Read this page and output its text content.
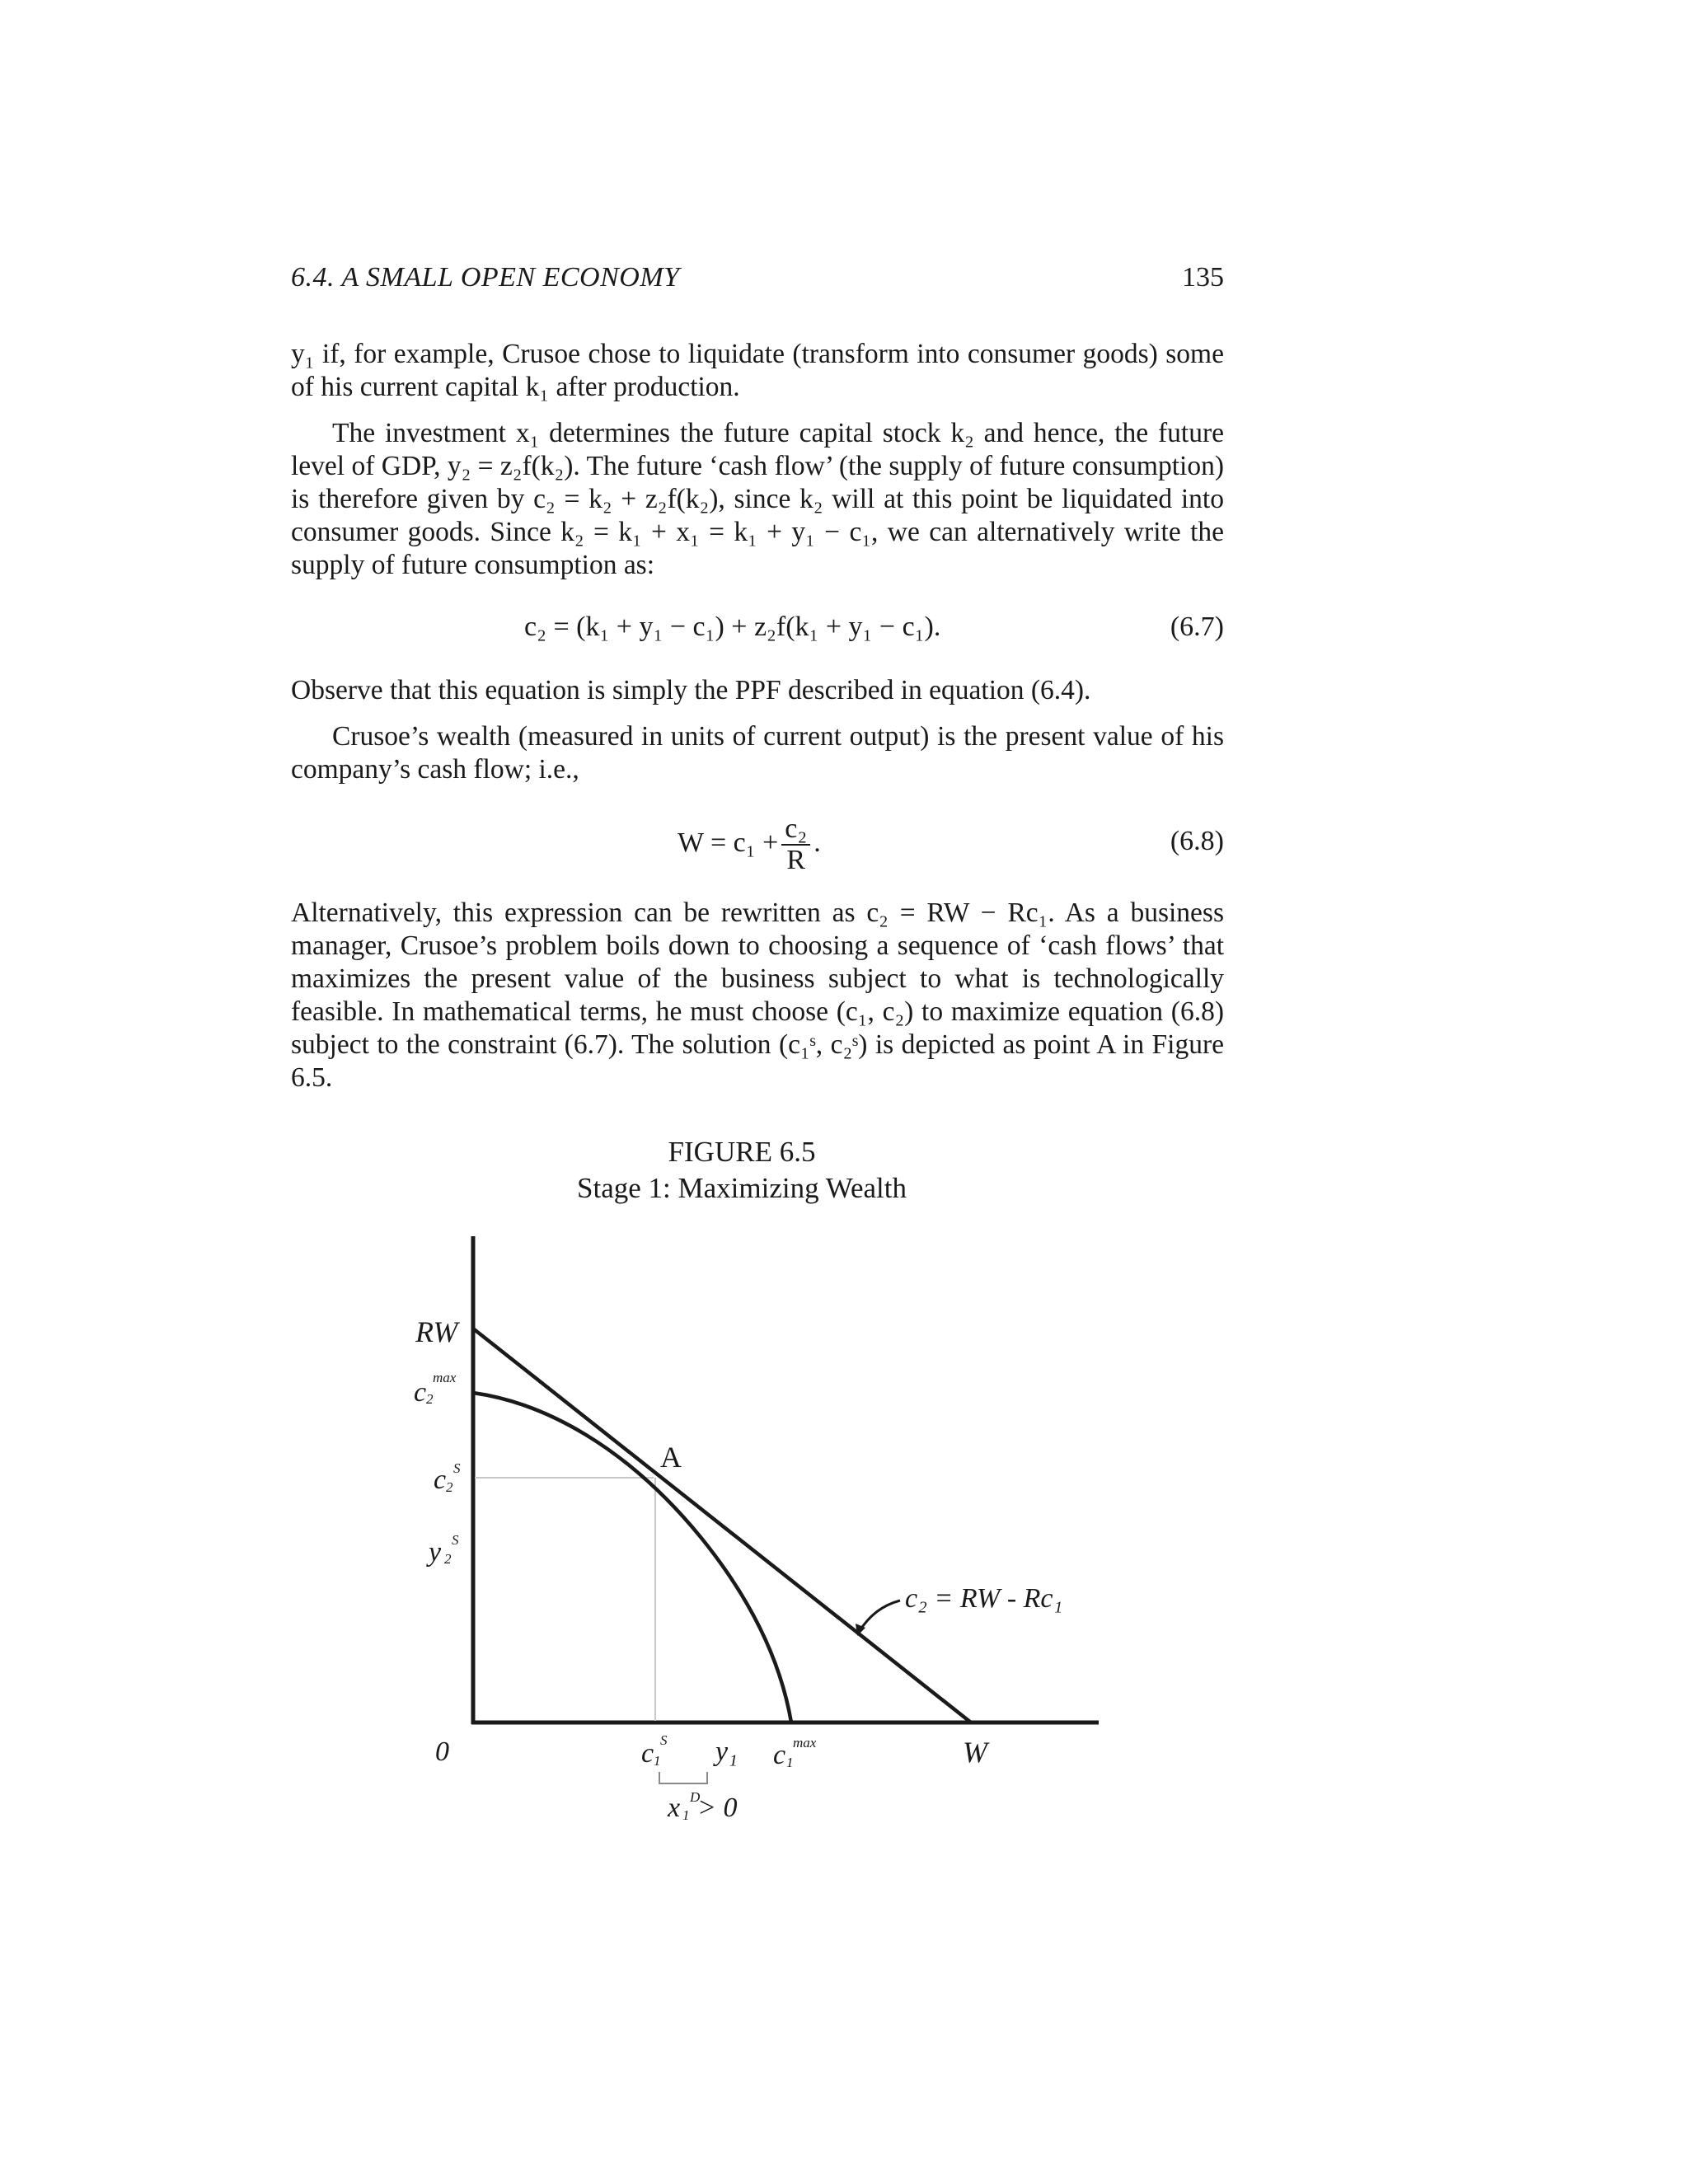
6.4. A SMALL OPEN ECONOMY	135
y₁ if, for example, Crusoe chose to liquidate (transform into consumer goods) some of his current capital k₁ after production.
The investment x₁ determines the future capital stock k₂ and hence, the future level of GDP, y₂ = z₂f(k₂). The future ‘cash flow’ (the supply of future consumption) is therefore given by c₂ = k₂ + z₂f(k₂), since k₂ will at this point be liquidated into consumer goods. Since k₂ = k₁ + x₁ = k₁ + y₁ − c₁, we can alternatively write the supply of future consumption as:
c₂ = (k₁ + y₁ − c₁) + z₂f(k₁ + y₁ − c₁).	(6.7)
Observe that this equation is simply the PPF described in equation (6.4).
Crusoe’s wealth (measured in units of current output) is the present value of his company’s cash flow; i.e.,
$W = c_1 + \frac{\text{c₂}}{R}$ .	(6.8)
Alternatively, this expression can be rewritten as c₂ = RW − Rc₁. As a business manager, Crusoe’s problem boils down to choosing a sequence of ‘cash flows’ that maximizes the present value of the business subject to what is technologically feasible. In mathematical terms, he must choose (c₁, c₂) to maximize equation (6.8) subject to the constraint (6.7). The solution (c₁ˢ, c₂ˢ) is depicted as point A in Figure 6.5.
FIGURE 6.5
Stage 1: Maximizing Wealth
A
c₂ = RW - Rc₁
RW
c max
2
c S
2
y S
2
0	c S
1 y₁ c max
1	W
x D
1 > 0
